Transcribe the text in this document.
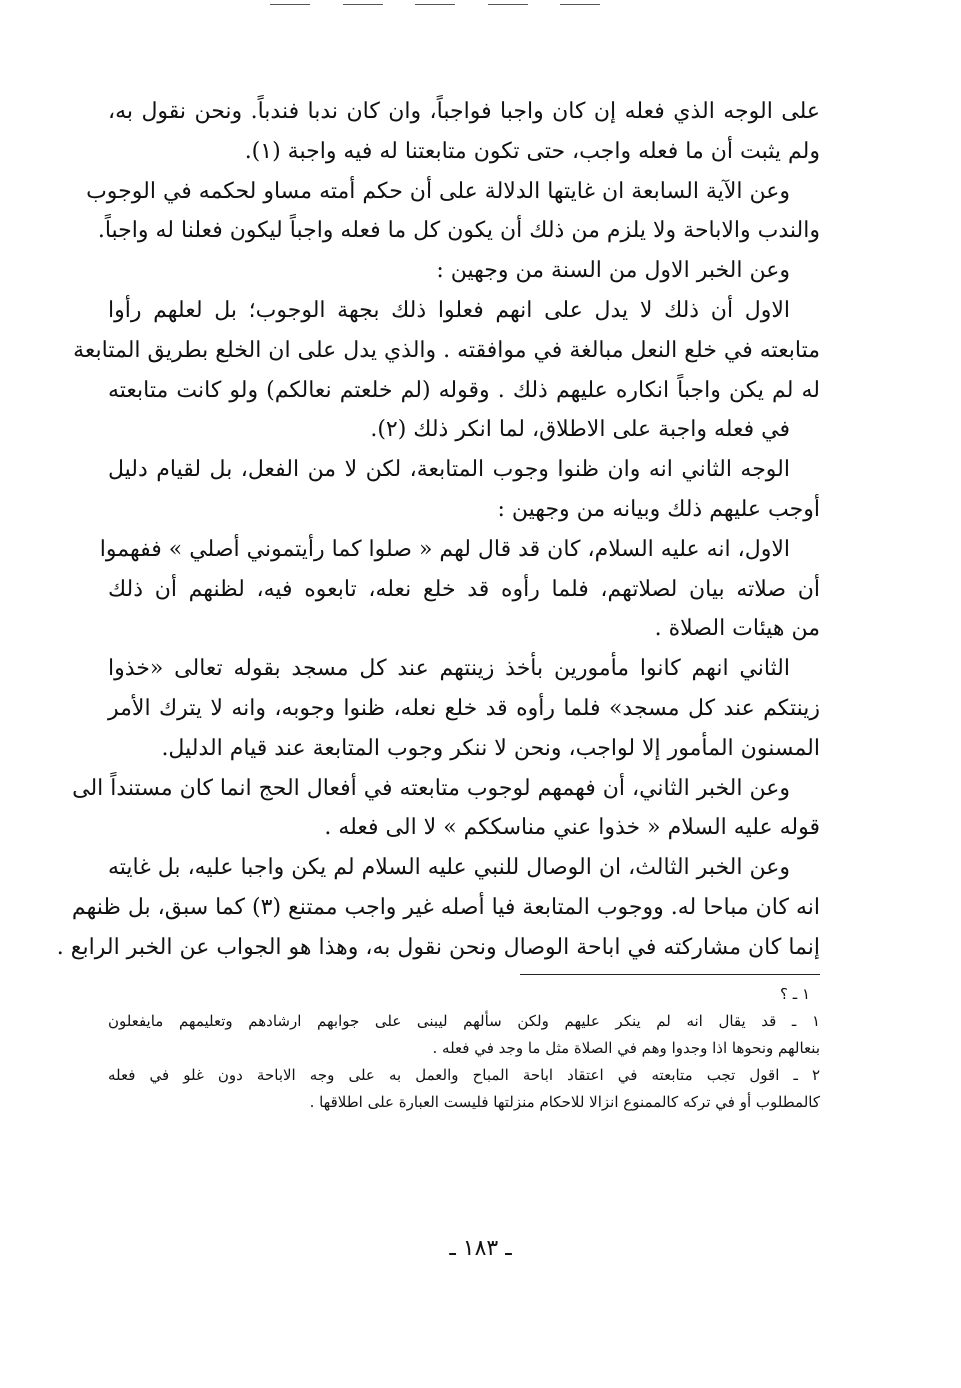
على الوجه الذي فعله إن كان واجبا فواجباً، وان كان ندبا فندباً. ونحن نقول به،
ولم يثبت أن ما فعله واجب، حتى تكون متابعتنا له فيه واجبة (١).
وعن الآية السابعة ان غايتها الدلالة على أن حكم أمته مساو لحكمه في الوجوب
والندب والاباحة ولا يلزم من ذلك أن يكون كل ما فعله واجباً ليكون فعلنا له واجباً.
وعن الخبر الاول من السنة من وجهين :
الاول أن ذلك لا يدل على انهم فعلوا ذلك بجهة الوجوب؛ بل لعلهم رأوا
متابعته في خلع النعل مبالغة في موافقته . والذي يدل على ان الخلع بطريق المتابعة
له لم يكن واجباً انكاره عليهم ذلك . وقوله (لم خلعتم نعالكم) ولو كانت متابعته
في فعله واجبة على الاطلاق، لما انكر ذلك (٢).
الوجه الثاني انه وان ظنوا وجوب المتابعة، لكن لا من الفعل، بل لقيام دليل
أوجب عليهم ذلك وبيانه من وجهين :
الاول، انه عليه السلام، كان قد قال لهم « صلوا كما رأيتموني أصلي » ففهموا
أن صلاته بيان لصلاتهم، فلما رأوه قد خلع نعله، تابعوه فيه، لظنهم أن ذلك
من هيئات الصلاة .
الثاني انهم كانوا مأمورين بأخذ زينتهم عند كل مسجد بقوله تعالى «خذوا
زينتكم عند كل مسجد» فلما رأوه قد خلع نعله، ظنوا وجوبه، وانه لا يترك الأمر
المسنون المأمور إلا لواجب، ونحن لا ننكر وجوب المتابعة عند قيام الدليل.
وعن الخبر الثاني، أن فهمهم لوجوب متابعته في أفعال الحج انما كان مستنداً الى
قوله عليه السلام « خذوا عني مناسككم » لا الى فعله .
وعن الخبر الثالث، ان الوصال للنبي عليه السلام لم يكن واجبا عليه، بل غايته
انه كان مباحا له. ووجوب المتابعة فيا أصله غير واجب ممتنع (٣) كما سبق، بل ظنهم
إنما كان مشاركته في اباحة الوصال ونحن نقول به، وهذا هو الجواب عن الخبر الرابع .
١ ـ ؟
١ ـ قد يقال انه لم ينكر عليهم ولكن سألهم ليبنى على جوابهم ارشادهم وتعليمهم مايفعلون
بنعالهم ونحوها اذا وجدوا وهم في الصلاة مثل ما وجد في فعله .
٢ ـ اقول تجب متابعته في اعتقاد اباحة المباح والعمل به على وجه الاباحة دون غلو في فعله
كالمطلوب أو في تركه كالممنوع انزالا للاحكام منزلتها فليست العبارة على اطلاقها .
ـ ١٨٣ ـ
